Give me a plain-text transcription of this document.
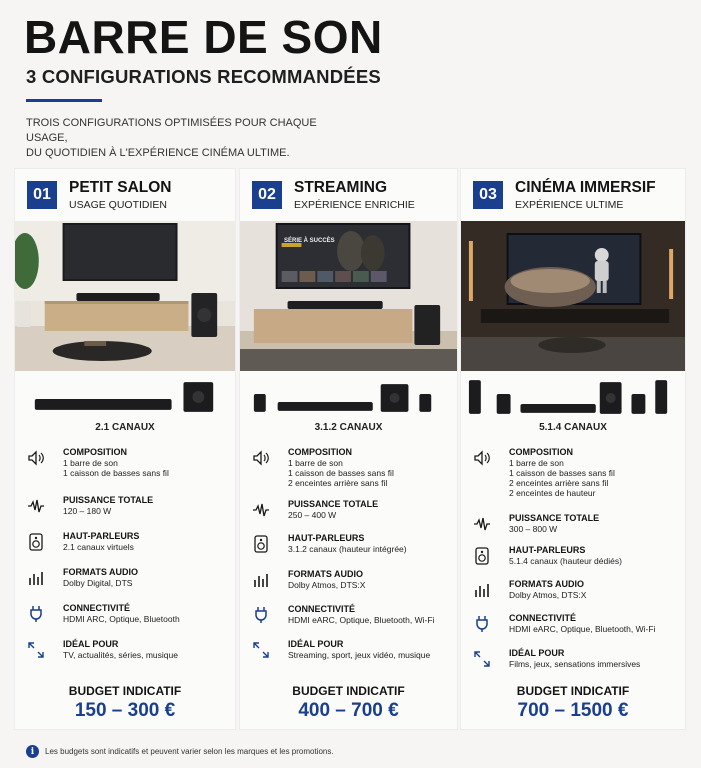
BARRE DE SON
3 CONFIGURATIONS RECOMMANDÉES
TROIS CONFIGURATIONS OPTIMISÉES POUR CHAQUE USAGE,
DU QUOTIDIEN À L'EXPÉRIENCE CINÉMA ULTIME.
01	PETIT SALON
USAGE QUOTIDIEN
2.1 CANAUX
COMPOSITION
1 barre de son
1 caisson de basses sans fil
PUISSANCE TOTALE
120 – 180 W
HAUT-PARLEURS
2.1 canaux virtuels
FORMATS AUDIO
Dolby Digital, DTS
CONNECTIVITÉ
HDMI ARC, Optique, Bluetooth
IDÉAL POUR
TV, actualités, séries, musique
BUDGET INDICATIF
150 – 300 €
02	STREAMING
EXPÉRIENCE ENRICHIE
SÉRIE À SUCCÈS
3.1.2 CANAUX
COMPOSITION
1 barre de son
1 caisson de basses sans fil
2 enceintes arrière sans fil
PUISSANCE TOTALE
250 – 400 W
HAUT-PARLEURS
3.1.2 canaux (hauteur intégrée)
FORMATS AUDIO
Dolby Atmos, DTS:X
CONNECTIVITÉ
HDMI eARC, Optique, Bluetooth, Wi-Fi
IDÉAL POUR
Streaming, sport, jeux vidéo, musique
BUDGET INDICATIF
400 – 700 €
03	CINÉMA IMMERSIF
EXPÉRIENCE ULTIME
5.1.4 CANAUX
COMPOSITION
1 barre de son
1 caisson de basses sans fil
2 enceintes arrière sans fil
2 enceintes de hauteur
PUISSANCE TOTALE
300 – 800 W
HAUT-PARLEURS
5.1.4 canaux (hauteur dédiés)
FORMATS AUDIO
Dolby Atmos, DTS:X
CONNECTIVITÉ
HDMI eARC, Optique, Bluetooth, Wi-Fi
IDÉAL POUR
Films, jeux, sensations immersives
BUDGET INDICATIF
700 – 1500 €
i	Les budgets sont indicatifs et peuvent varier selon les marques et les promotions.
